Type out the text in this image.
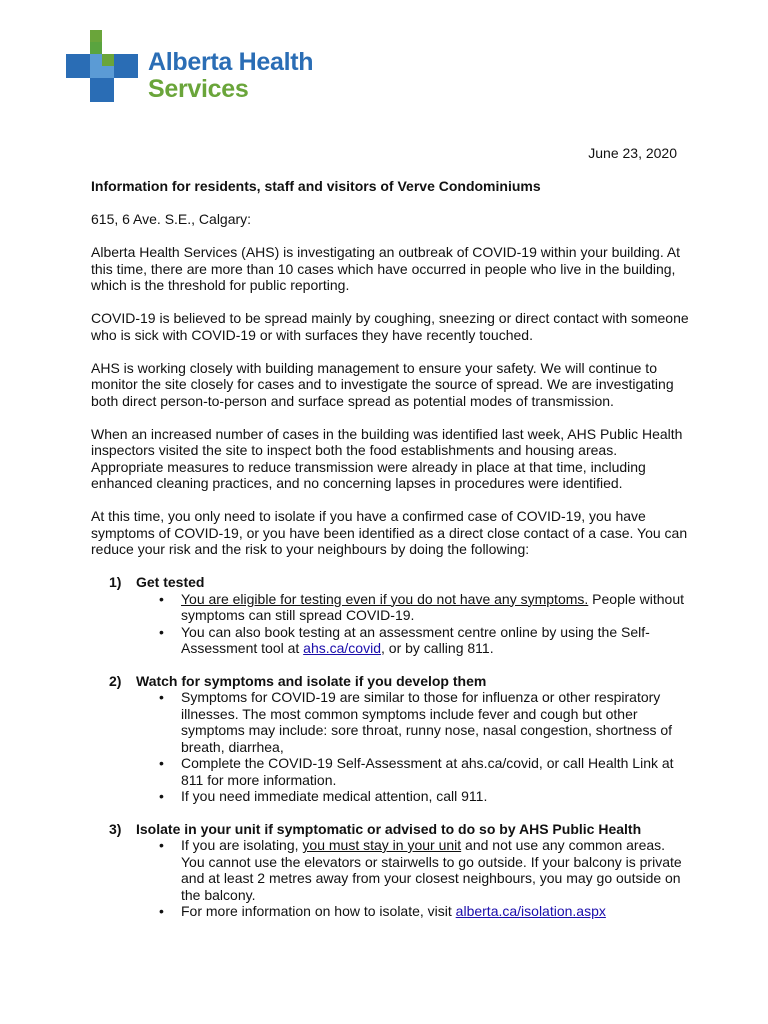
Alberta Health
Services
June 23, 2020

Information for residents, staff and visitors of Verve Condominiums

615, 6 Ave. S.E., Calgary:

Alberta Health Services (AHS) is investigating an outbreak of COVID-19 within your building. At this time, there are more than 10 cases which have occurred in people who live in the building, which is the threshold for public reporting.

COVID-19 is believed to be spread mainly by coughing, sneezing or direct contact with someone who is sick with COVID-19 or with surfaces they have recently touched.

AHS is working closely with building management to ensure your safety. We will continue to monitor the site closely for cases and to investigate the source of spread. We are investigating both direct person-to-person and surface spread as potential modes of transmission.

When an increased number of cases in the building was identified last week, AHS Public Health inspectors visited the site to inspect both the food establishments and housing areas. Appropriate measures to reduce transmission were already in place at that time, including enhanced cleaning practices, and no concerning lapses in procedures were identified.

At this time, you only need to isolate if you have a confirmed case of COVID-19, you have symptoms of COVID-19, or you have been identified as a direct close contact of a case. You can reduce your risk and the risk to your neighbours by doing the following:

1)	Get tested
• You are eligible for testing even if you do not have any symptoms. People without symptoms can still spread COVID-19.
• You can also book testing at an assessment centre online by using the Self-Assessment tool at ahs.ca/covid, or by calling 811.
2)	Watch for symptoms and isolate if you develop them
• Symptoms for COVID-19 are similar to those for influenza or other respiratory illnesses. The most common symptoms include fever and cough but other symptoms may include: sore throat, runny nose, nasal congestion, shortness of breath, diarrhea,
• Complete the COVID-19 Self-Assessment at ahs.ca/covid, or call Health Link at 811 for more information.
• If you need immediate medical attention, call 911.
3)	Isolate in your unit if symptomatic or advised to do so by AHS Public Health
• If you are isolating, you must stay in your unit and not use any common areas. You cannot use the elevators or stairwells to go outside. If your balcony is private and at least 2 metres away from your closest neighbours, you may go outside on the balcony.
• For more information on how to isolate, visit alberta.ca/isolation.aspx
